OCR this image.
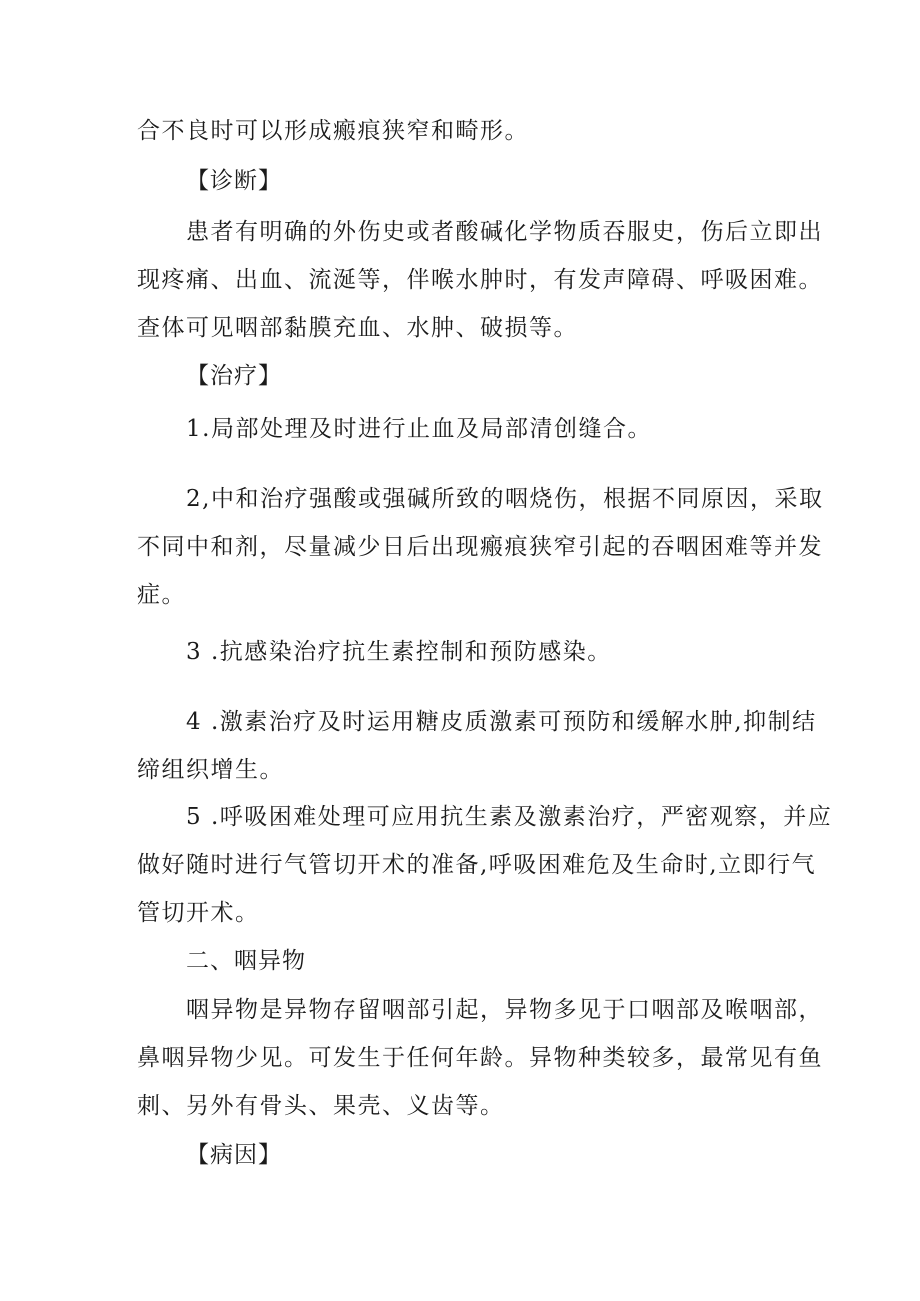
合不良时可以形成瘢痕狭窄和畸形。
【诊断】
患者有明确的外伤史或者酸碱化学物质吞服史，伤后立即出
现疼痛、出血、流涎等，伴喉水肿时，有发声障碍、呼吸困难。
查体可见咽部黏膜充血、水肿、破损等。
【治疗】
1.局部处理及时进行止血及局部清创缝合。
2,中和治疗强酸或强碱所致的咽烧伤，根据不同原因，采取
不同中和剂，尽量减少日后出现瘢痕狭窄引起的吞咽困难等并发
症。
3 .抗感染治疗抗生素控制和预防感染。
4 .激素治疗及时运用糖皮质激素可预防和缓解水肿,抑制结
缔组织增生。
5 .呼吸困难处理可应用抗生素及激素治疗，严密观察，并应
做好随时进行气管切开术的准备,呼吸困难危及生命时,立即行气
管切开术。
二、咽异物
咽异物是异物存留咽部引起，异物多见于口咽部及喉咽部，
鼻咽异物少见。可发生于任何年龄。异物种类较多，最常见有鱼
刺、另外有骨头、果壳、义齿等。
【病因】
